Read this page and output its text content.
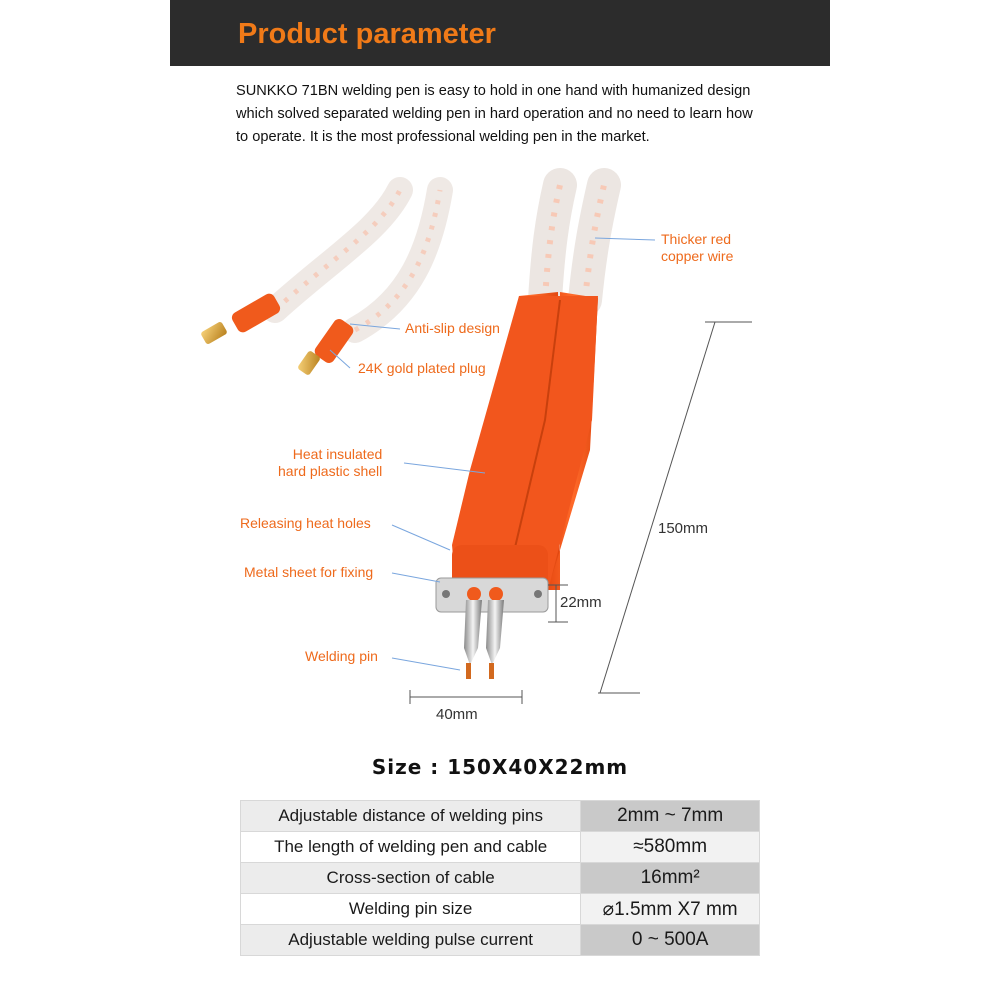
Product parameter
SUNKKO 71BN welding pen is easy to hold in one hand with humanized design
which solved separated welding pen in hard operation and no need to learn how
to operate. It is the most professional welding pen in the market.
Thicker red
copper wire
Anti-slip design
24K gold plated plug
Heat insulated
hard plastic shell
Releasing heat holes
Metal sheet for fixing
Welding pin
150mm
22mm
40mm
Size : 150X40X22mm
Adjustable distance of welding pins	2mm ~ 7mm
The length of welding pen and cable	≈580mm
Cross-section of cable	16mm²
Welding pin size	⌀1.5mm X7 mm
Adjustable welding pulse current	0 ~ 500A
